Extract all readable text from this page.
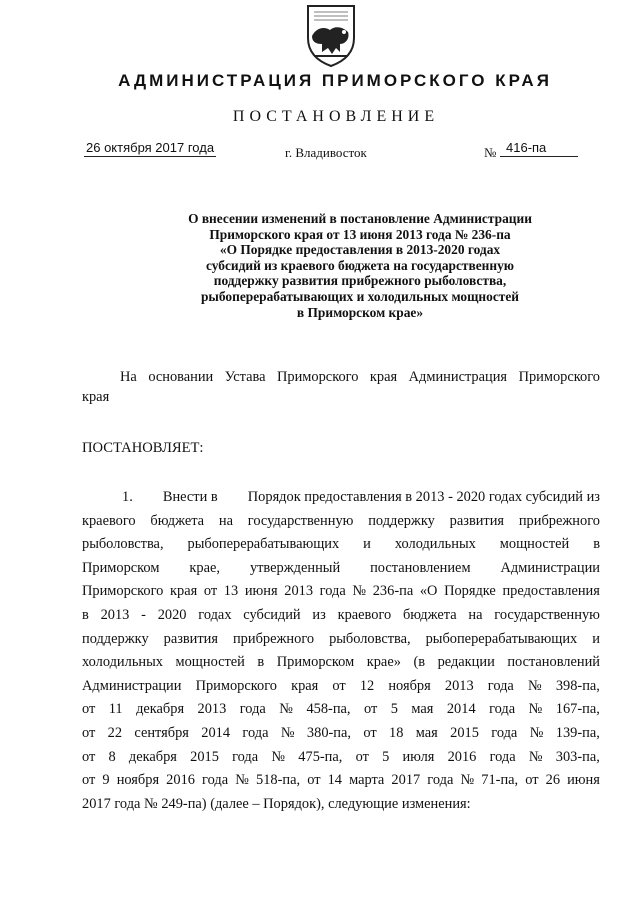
АДМИНИСТРАЦИЯ ПРИМОРСКОГО КРАЯ
ПОСТАНОВЛЕНИЕ
26 октября 2017 года	г. Владивосток	№ 416-па
О внесении изменений в постановление Администрации
Приморского края от 13 июня 2013 года № 236-па
«О Порядке предоставления в 2013-2020 годах
субсидий из краевого бюджета на государственную
поддержку развития прибрежного рыболовства,
рыбоперерабатывающих и холодильных мощностей
в Приморском крае»
На основании Устава Приморского края Администрация Приморского
края
ПОСТАНОВЛЯЕТ:
1. Внести в Порядок предоставления в 2013 - 2020 годах субсидий из
краевого бюджета на государственную поддержку развития прибрежного
рыболовства, рыбоперерабатывающих и холодильных мощностей в
Приморском крае, утвержденный постановлением Администрации
Приморского края от 13 июня 2013 года № 236-па «О Порядке предоставления
в 2013 - 2020 годах субсидий из краевого бюджета на государственную
поддержку развития прибрежного рыболовства, рыбоперерабатывающих и
холодильных мощностей в Приморском крае» (в редакции постановлений
Администрации Приморского края от 12 ноября 2013 года № 398-па,
от 11 декабря 2013 года № 458-па, от 5 мая 2014 года № 167-па,
от 22 сентября 2014 года № 380-па, от 18 мая 2015 года № 139-па,
от 8 декабря 2015 года № 475-па, от 5 июля 2016 года № 303-па,
от 9 ноября 2016 года № 518-па, от 14 марта 2017 года № 71-па, от 26 июня
2017 года № 249-па) (далее – Порядок), следующие изменения:
